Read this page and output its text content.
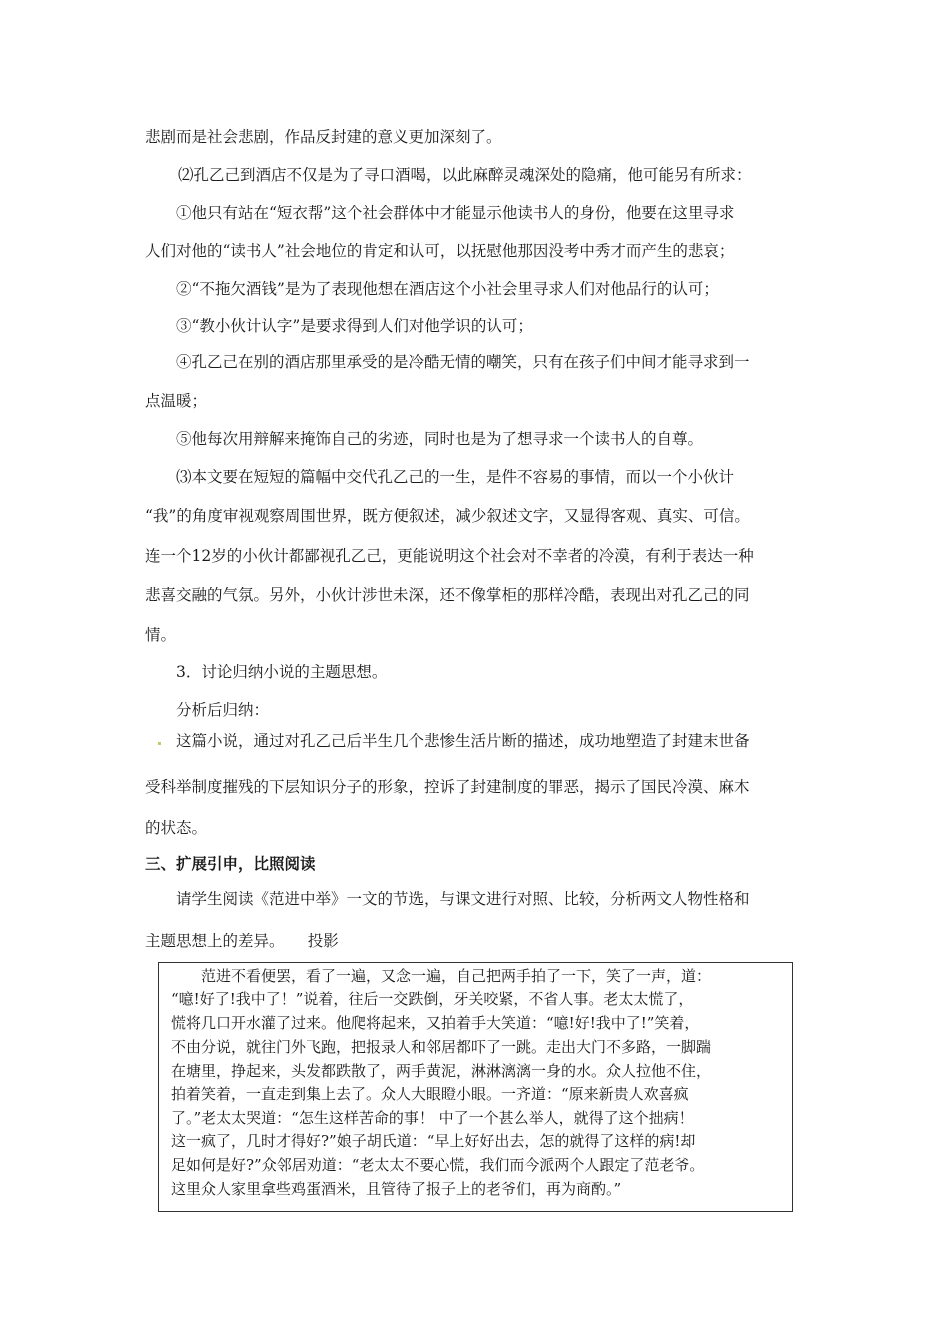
悲剧而是社会悲剧，作品反封建的意义更加深刻了。
⑵孔乙己到酒店不仅是为了寻口酒喝，以此麻醉灵魂深处的隐痛，他可能另有所求：
①他只有站在“短衣帮”这个社会群体中才能显示他读书人的身份，他要在这里寻求
人们对他的“读书人”社会地位的肯定和认可，以抚慰他那因没考中秀才而产生的悲哀；
②“不拖欠酒钱”是为了表现他想在酒店这个小社会里寻求人们对他品行的认可；
③“教小伙计认字”是要求得到人们对他学识的认可；
④孔乙己在别的酒店那里承受的是冷酷无情的嘲笑，只有在孩子们中间才能寻求到一
点温暖；
⑤他每次用辩解来掩饰自己的劣迹，同时也是为了想寻求一个读书人的自尊。
⑶本文要在短短的篇幅中交代孔乙己的一生，是件不容易的事情，而以一个小伙计
“我”的角度审视观察周围世界，既方便叙述，减少叙述文字，又显得客观、真实、可信。
连一个12岁的小伙计都鄙视孔乙己，更能说明这个社会对不幸者的冷漠，有利于表达一种
悲喜交融的气氛。另外，小伙计涉世未深，还不像掌柜的那样冷酷，表现出对孔乙己的同
情。
3．讨论归纳小说的主题思想。
分析后归纳：
这篇小说，通过对孔乙己后半生几个悲惨生活片断的描述，成功地塑造了封建末世备
受科举制度摧残的下层知识分子的形象，控诉了封建制度的罪恶，揭示了国民冷漠、麻木
的状态。
三、扩展引申，比照阅读
请学生阅读《范进中举》一文的节选，与课文进行对照、比较，分析两文人物性格和
主题思想上的差异。　　投影
　　范进不看便罢，看了一遍，又念一遍，自己把两手拍了一下，笑了一声，道：
“噫!好了!我中了！”说着，往后一交跌倒，牙关咬紧，不省人事。老太太慌了，
慌将几口开水灌了过来。他爬将起来，又拍着手大笑道：“噫!好!我中了!”笑着，
不由分说，就往门外飞跑，把报录人和邻居都吓了一跳。走出大门不多路，一脚踹
在塘里，挣起来，头发都跌散了，两手黄泥，淋淋漓漓一身的水。众人拉他不住，
拍着笑着，一直走到集上去了。众人大眼瞪小眼。一齐道：“原来新贵人欢喜疯
了。”老太太哭道：“怎生这样苦命的事！ 中了一个甚么举人，就得了这个拙病！
这一疯了，几时才得好?”娘子胡氏道：“早上好好出去，怎的就得了这样的病!却
足如何是好?”众邻居劝道：“老太太不要心慌，我们而今派两个人跟定了范老爷。
这里众人家里拿些鸡蛋酒米，且管待了报子上的老爷们，再为商酌。”
